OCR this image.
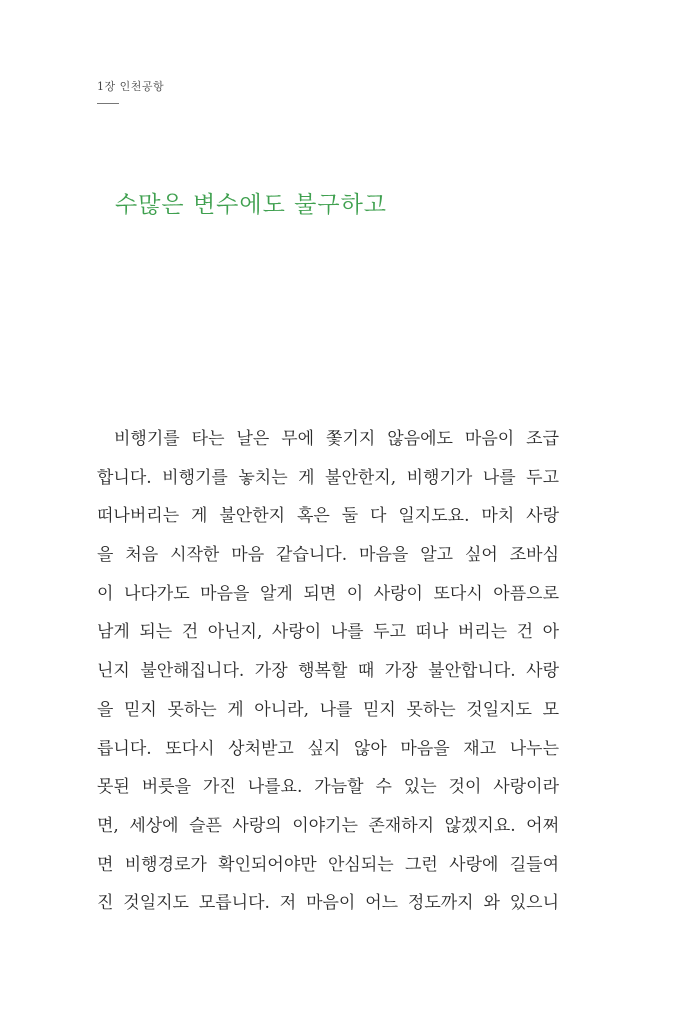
1장 인천공항
수많은 변수에도 불구하고
비행기를 타는 날은 무에 쫓기지 않음에도 마음이 조급
합니다. 비행기를 놓치는 게 불안한지, 비행기가 나를 두고
떠나버리는 게 불안한지 혹은 둘 다 일지도요. 마치 사랑
을 처음 시작한 마음 같습니다. 마음을 알고 싶어 조바심
이 나다가도 마음을 알게 되면 이 사랑이 또다시 아픔으로
남게 되는 건 아닌지, 사랑이 나를 두고 떠나 버리는 건 아
닌지 불안해집니다. 가장 행복할 때 가장 불안합니다. 사랑
을 믿지 못하는 게 아니라, 나를 믿지 못하는 것일지도 모
릅니다. 또다시 상처받고 싶지 않아 마음을 재고 나누는
못된 버릇을 가진 나를요. 가늠할 수 있는 것이 사랑이라
면, 세상에 슬픈 사랑의 이야기는 존재하지 않겠지요. 어쩌
면 비행경로가 확인되어야만 안심되는 그런 사랑에 길들여
진 것일지도 모릅니다. 저 마음이 어느 정도까지 와 있으니
